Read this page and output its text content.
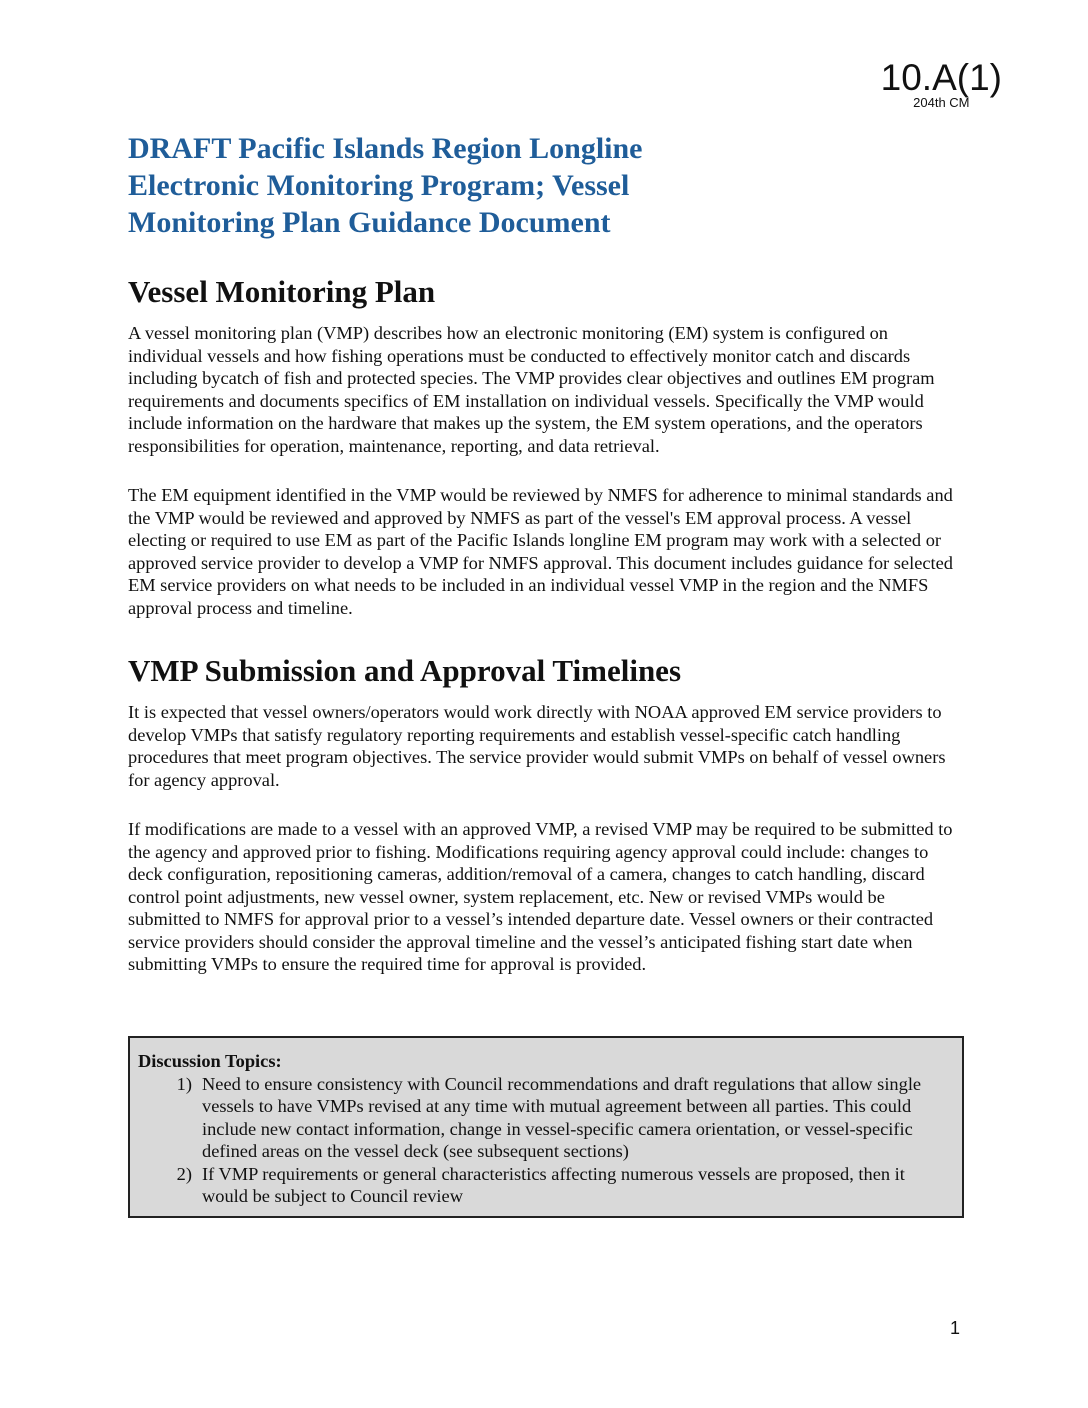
10.A(1)
204th CM
DRAFT Pacific Islands Region Longline Electronic Monitoring Program; Vessel Monitoring Plan Guidance Document
Vessel Monitoring Plan

A vessel monitoring plan (VMP) describes how an electronic monitoring (EM) system is configured on individual vessels and how fishing operations must be conducted to effectively monitor catch and discards including bycatch of fish and protected species. The VMP provides clear objectives and outlines EM program requirements and documents specifics of EM installation on individual vessels. Specifically the VMP would include information on the hardware that makes up the system, the EM system operations, and the operators responsibilities for operation, maintenance, reporting, and data retrieval.

The EM equipment identified in the VMP would be reviewed by NMFS for adherence to minimal standards and the VMP would be reviewed and approved by NMFS as part of the vessel's EM approval process. A vessel electing or required to use EM as part of the Pacific Islands longline EM program may work with a selected or approved service provider to develop a VMP for NMFS approval. This document includes guidance for selected EM service providers on what needs to be included in an individual vessel VMP in the region and the NMFS approval process and timeline.

VMP Submission and Approval Timelines

It is expected that vessel owners/operators would work directly with NOAA approved EM service providers to develop VMPs that satisfy regulatory reporting requirements and establish vessel-specific catch handling procedures that meet program objectives. The service provider would submit VMPs on behalf of vessel owners for agency approval.

If modifications are made to a vessel with an approved VMP, a revised VMP may be required to be submitted to the agency and approved prior to fishing. Modifications requiring agency approval could include: changes to deck configuration, repositioning cameras, addition/removal of a camera, changes to catch handling, discard control point adjustments, new vessel owner, system replacement, etc. New or revised VMPs would be submitted to NMFS for approval prior to a vessel’s intended departure date. Vessel owners or their contracted service providers should consider the approval timeline and the vessel’s anticipated fishing start date when submitting VMPs to ensure the required time for approval is provided.

Discussion Topics:
1) Need to ensure consistency with Council recommendations and draft regulations that allow single vessels to have VMPs revised at any time with mutual agreement between all parties. This could include new contact information, change in vessel-specific camera orientation, or vessel-specific defined areas on the vessel deck (see subsequent sections)
2) If VMP requirements or general characteristics affecting numerous vessels are proposed, then it would be subject to Council review
1
